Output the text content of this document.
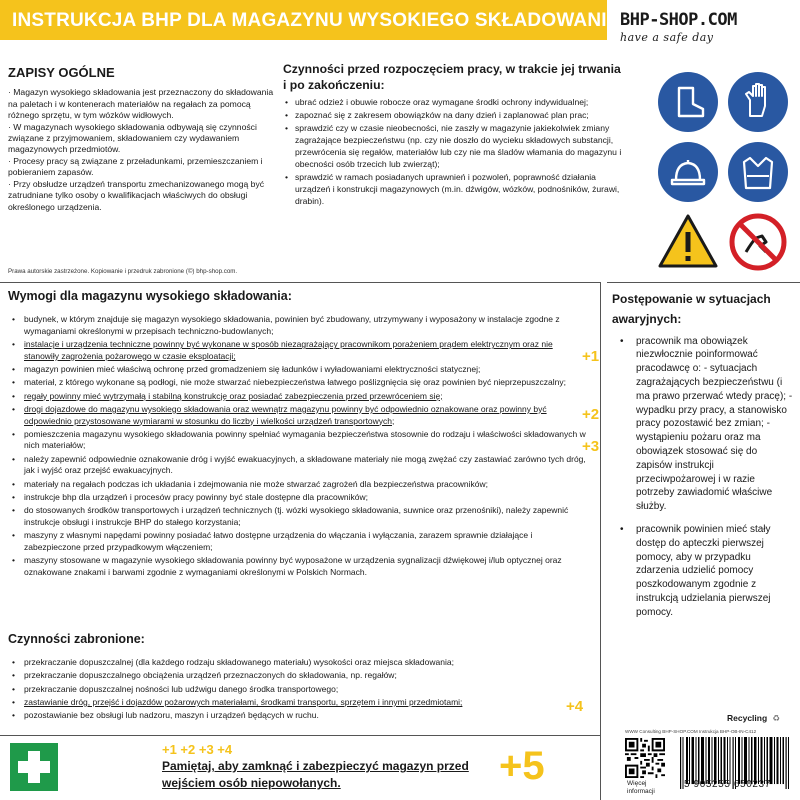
INSTRUKCJA BHP DLA MAGAZYNU WYSOKIEGO SKŁADOWANIA BHP-SHOP.COM
have a safe day
ZAPISY OGÓLNE

· Magazyn wysokiego składowania jest przeznaczony do składowania na paletach i w kontenerach materiałów na regałach za pomocą różnego sprzętu, w tym wózków widłowych.

· W magazynach wysokiego składowania odbywają się czynności związane z przyjmowaniem, składowaniem czy wydawaniem magazynowych przedmiotów.

· Procesy pracy są związane z przeładunkami, przemieszczaniem i pobieraniem zapasów.

· Przy obsłudze urządzeń transportu zmechanizowanego mogą być zatrudniane tylko osoby o kwalifikacjach właściwych do obsługi określonego urządzenia.

Prawa autorskie zastrzeżone. Kopiowanie i przedruk zabronione (©) bhp-shop.com.
Czynności przed rozpoczęciem pracy, w trakcie jej trwania i po zakończeniu:
• ubrać odzież i obuwie robocze oraz wymagane środki ochrony indywidualnej;
• zapoznać się z zakresem obowiązków na dany dzień i zaplanować plan prac;
• sprawdzić czy w czasie nieobecności, nie zaszły w magazynie jakiekolwiek zmiany zagrażające bezpieczeństwu (np. czy nie doszło do wycieku składowych substancji, przewrócenia się regałów, materiałów lub czy nie ma śladów włamania do magazynu i obecności osób trzecich lub zwierząt);
• sprawdzić w ramach posiadanych uprawnień i pozwoleń, poprawność działania urządzeń i konstrukcji magazynowych (m.in. dźwigów, wózków, podnośników, żurawi, drabin).
Wymogi dla magazynu wysokiego składowania:
• budynek, w którym znajduje się magazyn wysokiego składowania, powinien być zbudowany, utrzymywany i wyposażony w instalacje zgodne z wymaganiami określonymi w przepisach techniczno-budowlanych;
• instalacje i urządzenia techniczne powinny być wykonane w sposób niezagrażający pracownikom porażeniem prądem elektrycznym oraz nie stanowiły zagrożenia pożarowego w czasie eksploatacji;
• magazyn powinien mieć właściwą ochronę przed gromadzeniem się ładunków i wyładowaniami elektryczności statycznej;
• materiał, z którego wykonane są podłogi, nie może stwarzać niebezpieczeństwa łatwego poślizgnięcia się oraz powinien być nieprzepuszczalny;
• regały powinny mieć wytrzymałą i stabilną konstrukcję oraz posiadać zabezpieczenia przed przewróceniem się;
• drogi dojazdowe do magazynu wysokiego składowania oraz wewnątrz magazynu powinny być odpowiednio oznakowane oraz powinny być odpowiednio przystosowane wymiarami w stosunku do liczby i wielkości urządzeń transportowych;
• pomieszczenia magazynu wysokiego składowania powinny spełniać wymagania bezpieczeństwa stosownie do rodzaju i właściwości składowanych w nich materiałów;
• należy zapewnić odpowiednie oznakowanie dróg i wyjść ewakuacyjnych, a składowane materiały nie mogą zwężać czy zastawiać zarówno tych dróg, jak i wyjść oraz przejść ewakuacyjnych.
• materiały na regałach podczas ich układania i zdejmowania nie może stwarzać zagrożeń dla bezpieczeństwa pracowników;
• instrukcje bhp dla urządzeń i procesów pracy powinny być stale dostępne dla pracowników;
• do stosowanych środków transportowych i urządzeń technicznych (tj. wózki wysokiego składowania, suwnice oraz przenośniki), należy zapewnić instrukcje obsługi i instrukcje BHP do stałego korzystania;
• maszyny z własnymi napędami powinny posiadać łatwo dostępne urządzenia do włączania i wyłączania, zarazem sprawnie działające i zabezpieczone przed przypadkowym włączeniem;
• maszyny stosowane w magazynie wysokiego składowania powinny być wyposażone w urządzenia sygnalizacji dźwiękowej i/lub optycznej oraz oznakowane znakami i barwami zgodnie z wymaganiami określonymi w Polskich Normach.
+1
+2
+3
Czynności zabronione:
• przekraczanie dopuszczalnej (dla każdego rodzaju składowanego materiału) wysokości oraz miejsca składowania;
• przekraczanie dopuszczalnego obciążenia urządzeń przeznaczonych do składowania, np. regałów;
• przekraczanie dopuszczalnej nośności lub udźwigu danego środka transportowego;
• zastawianie dróg, przejść i dojazdów pożarowych materiałami, środkami transportu, sprzętem i innymi przedmiotami;
• pozostawianie bez obsługi lub nadzoru, maszyn i urządzeń będących w ruchu.
+4
+1 +2 +3 +4
Pamiętaj, aby zamknąć i zabezpieczyć magazyn przed wejściem osób niepowołanych.	+5
Postępowanie w sytuacjach awaryjnych:
• pracownik ma obowiązek niezwłocznie poinformować pracodawcę o: - sytuacjach zagrażających bezpieczeństwu (i ma prawo przerwać wtedy pracę); - wypadku przy pracy, a stanowisko pracy pozostawić bez zmian; - wystąpieniu pożaru oraz ma obowiązek stosować się do zapisów instrukcji przeciwpożarowej i w razie potrzeby zawiadomić właściwe służby.
• pracownik powinien mieć stały dostęp do apteczki pierwszej pomocy, aby w przypadku zdarzenia udzielić pomocy poszkodowanym zgodnie z instrukcją udzielania pierwszej pomocy.
Recycling ♻
WWW Consulting BHP-SHOP.COM Instrukcja BHP-OB-IN-C412
Więcej informacji
5 905255 650237
